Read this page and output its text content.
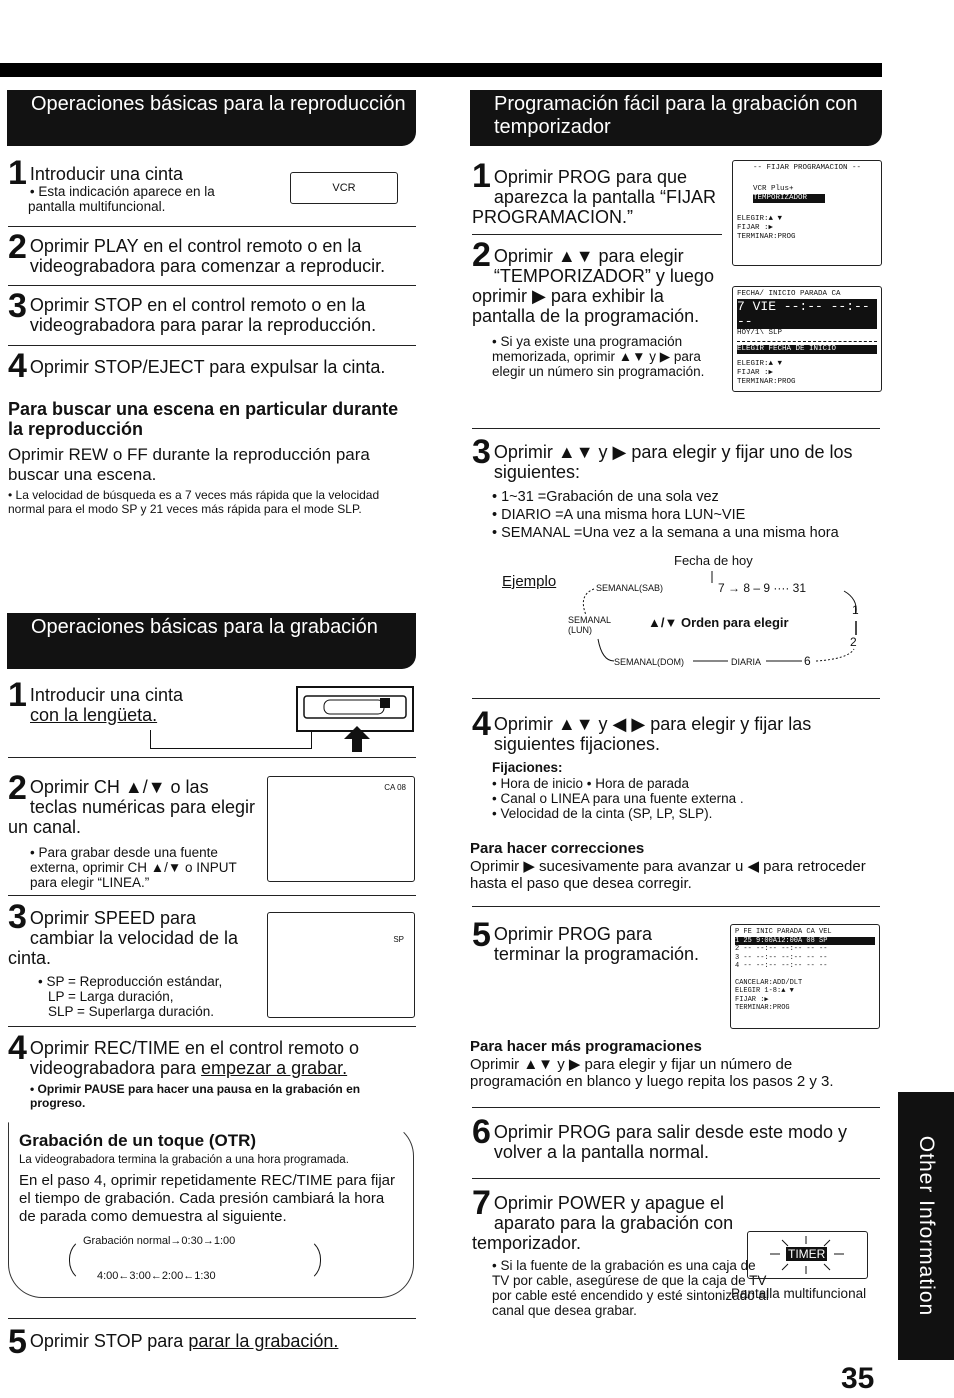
Operaciones básicas para la reproducción
1 Introducir una cinta
• Esta indicación aparece en la pantalla multifuncional.
VCR
2 Oprimir PLAY en el control remoto o en la videograbadora para comenzar a reproducir.
3 Oprimir STOP en el control remoto o en la videograbadora para parar la reproducción.
4 Oprimir STOP/EJECT para expulsar la cinta.
Para buscar una escena en particular durante la reproducción
Oprimir REW o FF durante la reproducción para buscar una escena.
• La velocidad de búsqueda es a 7 veces más rápida que la velocidad normal para el modo SP y 21 veces más rápida para el mode SLP.
Operaciones básicas para la grabación
1 Introducir una cinta
con la lengüeta.
2 Oprimir CH ▲/▼ o las teclas numéricas para elegir un canal.
• Para grabar desde una fuente externa, oprimir CH ▲/▼ o INPUT para elegir “LINEA.”
CA 08
3 Oprimir SPEED para cambiar la velocidad de la cinta.
• SP = Reproducción estándar,
LP = Larga duración,
SLP = Superlarga duración.
SP
4 Oprimir REC/TIME en el control remoto o videograbadora para empezar a grabar.
• Oprimir PAUSE para hacer una pausa en la grabación en progreso.
Grabación de un toque (OTR)
La videograbadora termina la grabación a una hora programada.
En el paso 4, oprimir repetidamente REC/TIME para fijar el tiempo de grabación. Cada presión cambiará la hora de parada como demuestra al siguiente.
Grabación normal→0:30→1:00
4:00←3:00←2:00←1:30
5 Oprimir STOP para parar la grabación.
Programación fácil para la grabación con temporizador
1 Oprimir PROG para que aparezca la pantalla “FIJAR PROGRAMACION.”
-- FIJAR PROGRAMACION --
VCR Plus+
TEMPORIZADOR
ELEGIR:▲ ▼
FIJAR :▶
TERMINAR:PROG
2 Oprimir ▲▼ para elegir “TEMPORIZADOR” y luego oprimir ▶ para exhibir la pantalla de la programación.
• Si ya existe una programación memorizada, oprimir ▲▼ y ▶ para elegir un número sin programación.
FECHA/ INICIO PARADA CA
7 VIE --:-- --:-- --
HOY/1\ SLP
ELEGIR FECHA DE INICIO
ELEGIR:▲ ▼
FIJAR :▶
TERMINAR:PROG
3 Oprimir ▲▼ y ▶ para elegir y fijar uno de los siguientes:
• 1~31 =Grabación de una sola vez
• DIARIO =A una misma hora LUN~VIE
• SEMANAL =Una vez a la semana a una misma hora
Fecha de hoy
Ejemplo	SEMANAL(SAB)	7 → 8 – 9 ···· 31
SEMANAL (LUN)	▲/▼ Orden para elegir
1
2
SEMANAL(DOM)	DIARIA	6
4 Oprimir ▲▼ y ◀ ▶ para elegir y fijar las siguientes fijaciones.
Fijaciones:
• Hora de inicio • Hora de parada
• Canal o LINEA para una fuente externa .
• Velocidad de la cinta (SP, LP, SLP).
Para hacer correcciones
Oprimir ▶ sucesivamente para avanzar u ◀ para retroceder hasta el paso que desea corregir.
5 Oprimir PROG para terminar la programación.
P FE INIC PARADA CA VEL
1 25 9:00A12:00A 08 SP
2 -- --:-- --:-- -- --
3 -- --:-- --:-- -- --
4 -- --:-- --:-- -- --
CANCELAR:ADD/DLT
ELEGIR 1-8:▲ ▼
FIJAR :▶
TERMINAR:PROG
Para hacer más programaciones
Oprimir ▲▼ y ▶ para elegir y fijar un número de programación en blanco y luego repita los pasos 2 y 3.
6 Oprimir PROG para salir desde este modo y volver a la pantalla normal.
7 Oprimir POWER y apague el aparato para la grabación con temporizador.
• Si la fuente de la grabación es una caja de TV por cable, asegúrese de que la caja de TV por cable esté encendido y esté sintonizado al canal que desea grabar.
TIMER
Pantalla multifuncional Other Information
35
